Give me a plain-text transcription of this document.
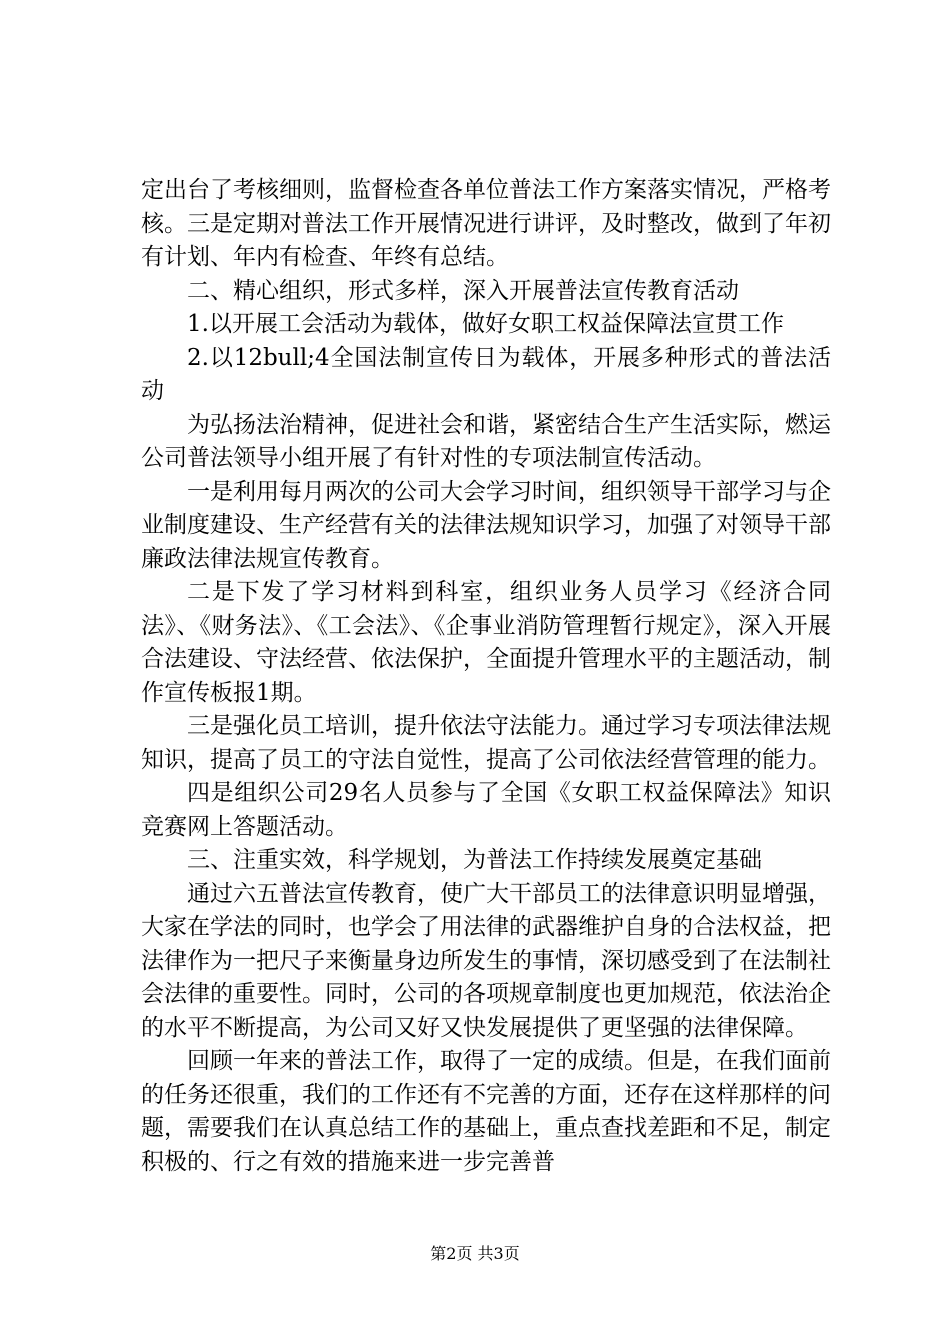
定出台了考核细则，监督检查各单位普法工作方案落实情况，严格考核。三是定期对普法工作开展情况进行讲评，及时整改，做到了年初有计划、年内有检查、年终有总结。

二、精心组织，形式多样，深入开展普法宣传教育活动

1.以开展工会活动为载体，做好女职工权益保障法宣贯工作

2.以12bull;4全国法制宣传日为载体，开展多种形式的普法活动

为弘扬法治精神，促进社会和谐，紧密结合生产生活实际，燃运公司普法领导小组开展了有针对性的专项法制宣传活动。

一是利用每月两次的公司大会学习时间，组织领导干部学习与企业制度建设、生产经营有关的法律法规知识学习，加强了对领导干部廉政法律法规宣传教育。

二是下发了学习材料到科室，组织业务人员学习《经济合同法》、《财务法》、《工会法》、《企事业消防管理暂行规定》，深入开展合法建设、守法经营、依法保护，全面提升管理水平的主题活动，制作宣传板报1期。

三是强化员工培训，提升依法守法能力。通过学习专项法律法规知识，提高了员工的守法自觉性，提高了公司依法经营管理的能力。

四是组织公司29名人员参与了全国《女职工权益保障法》知识竞赛网上答题活动。

三、注重实效，科学规划，为普法工作持续发展奠定基础

通过六五普法宣传教育，使广大干部员工的法律意识明显增强，大家在学法的同时，也学会了用法律的武器维护自身的合法权益，把法律作为一把尺子来衡量身边所发生的事情，深切感受到了在法制社会法律的重要性。同时，公司的各项规章制度也更加规范，依法治企的水平不断提高，为公司又好又快发展提供了更坚强的法律保障。

回顾一年来的普法工作，取得了一定的成绩。但是，在我们面前的任务还很重，我们的工作还有不完善的方面，还存在这样那样的问题，需要我们在认真总结工作的基础上，重点查找差距和不足，制定积极的、行之有效的措施来进一步完善普

第2页 共3页
